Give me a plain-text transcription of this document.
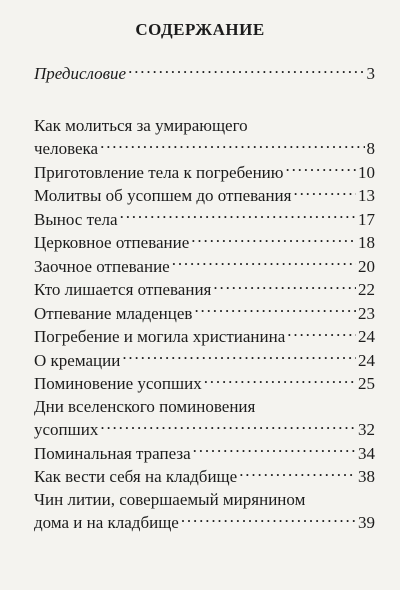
СОДЕРЖАНИЕ
Предисловие . . .	3
Как молиться за умирающего
человека . . .	8
Приготовление тела к погребению . . .	10
Молитвы об усопшем до отпевания . . .	13
Вынос тела . . .	17
Церковное отпевание . . .	18
Заочное отпевание . . .	20
Кто лишается отпевания . . .	22
Отпевание младенцев . . .	23
Погребение и могила христианина . . .	24
О кремации . . .	24
Поминовение усопших . . .	25
Дни вселенского поминовения
усопших . . .	32
Поминальная трапеза . . .	34
Как вести себя на кладбище . . .	38
Чин литии, совершаемый мирянином
дома и на кладбище . . .	39
